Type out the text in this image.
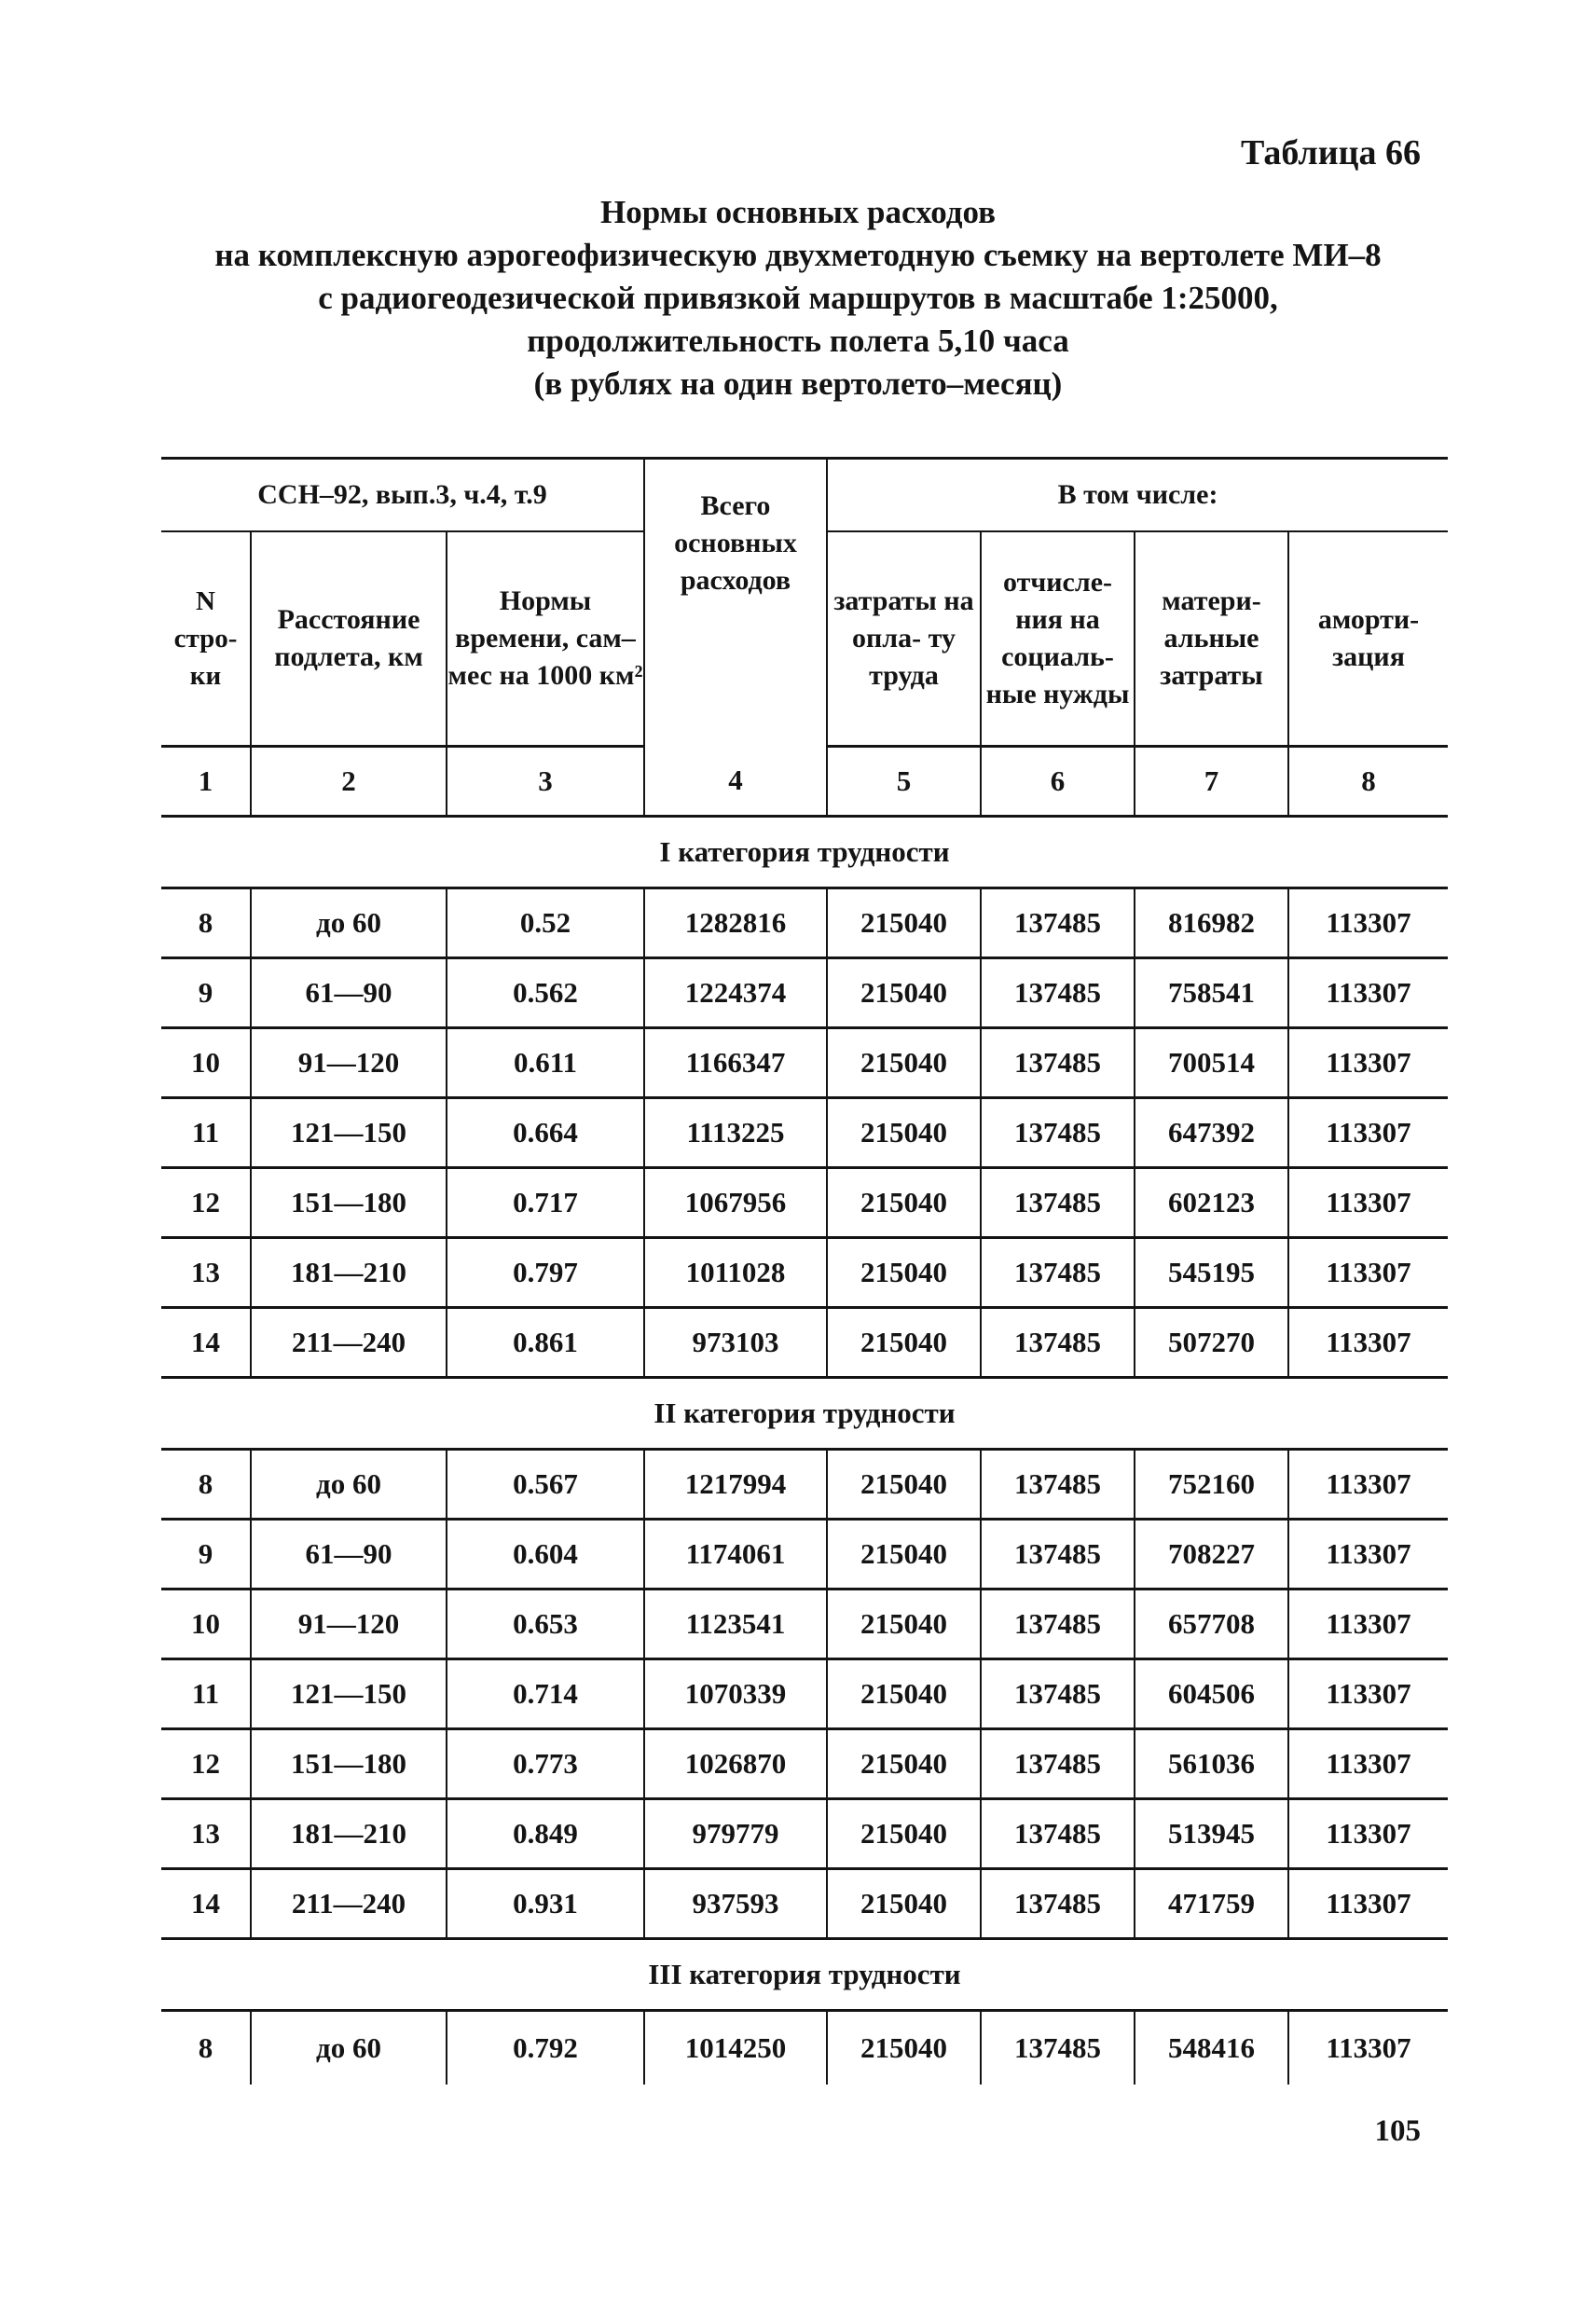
Таблица 66
Нормы основных расходов
на комплексную аэрогеофизическую двухметодную съемку на вертолете МИ–8
с радиогеодезической привязкой маршрутов в масштабе 1:25000,
продолжительность полета 5,10 часа
(в рублях на один вертолето–месяц)
ССН–92, вып.3, ч.4, т.9			Всего основных расходов	В том числе:			
N стро- ки	Расстояние подлета, км	Нормы времени, сам–мес на 1000 км²		затраты на опла- ту труда	отчисле- ния на социаль- ные нужды	матери- альные затраты	аморти- зация
1	2	3	4	5	6	7	8
I категория трудности							
8	до 60	0.52	1282816	215040	137485	816982	113307
9	61—90	0.562	1224374	215040	137485	758541	113307
10	91—120	0.611	1166347	215040	137485	700514	113307
11	121—150	0.664	1113225	215040	137485	647392	113307
12	151—180	0.717	1067956	215040	137485	602123	113307
13	181—210	0.797	1011028	215040	137485	545195	113307
14	211—240	0.861	973103	215040	137485	507270	113307
II категория трудности							
8	до 60	0.567	1217994	215040	137485	752160	113307
9	61—90	0.604	1174061	215040	137485	708227	113307
10	91—120	0.653	1123541	215040	137485	657708	113307
11	121—150	0.714	1070339	215040	137485	604506	113307
12	151—180	0.773	1026870	215040	137485	561036	113307
13	181—210	0.849	979779	215040	137485	513945	113307
14	211—240	0.931	937593	215040	137485	471759	113307
III категория трудности							
8	до 60	0.792	1014250	215040	137485	548416	113307
105
